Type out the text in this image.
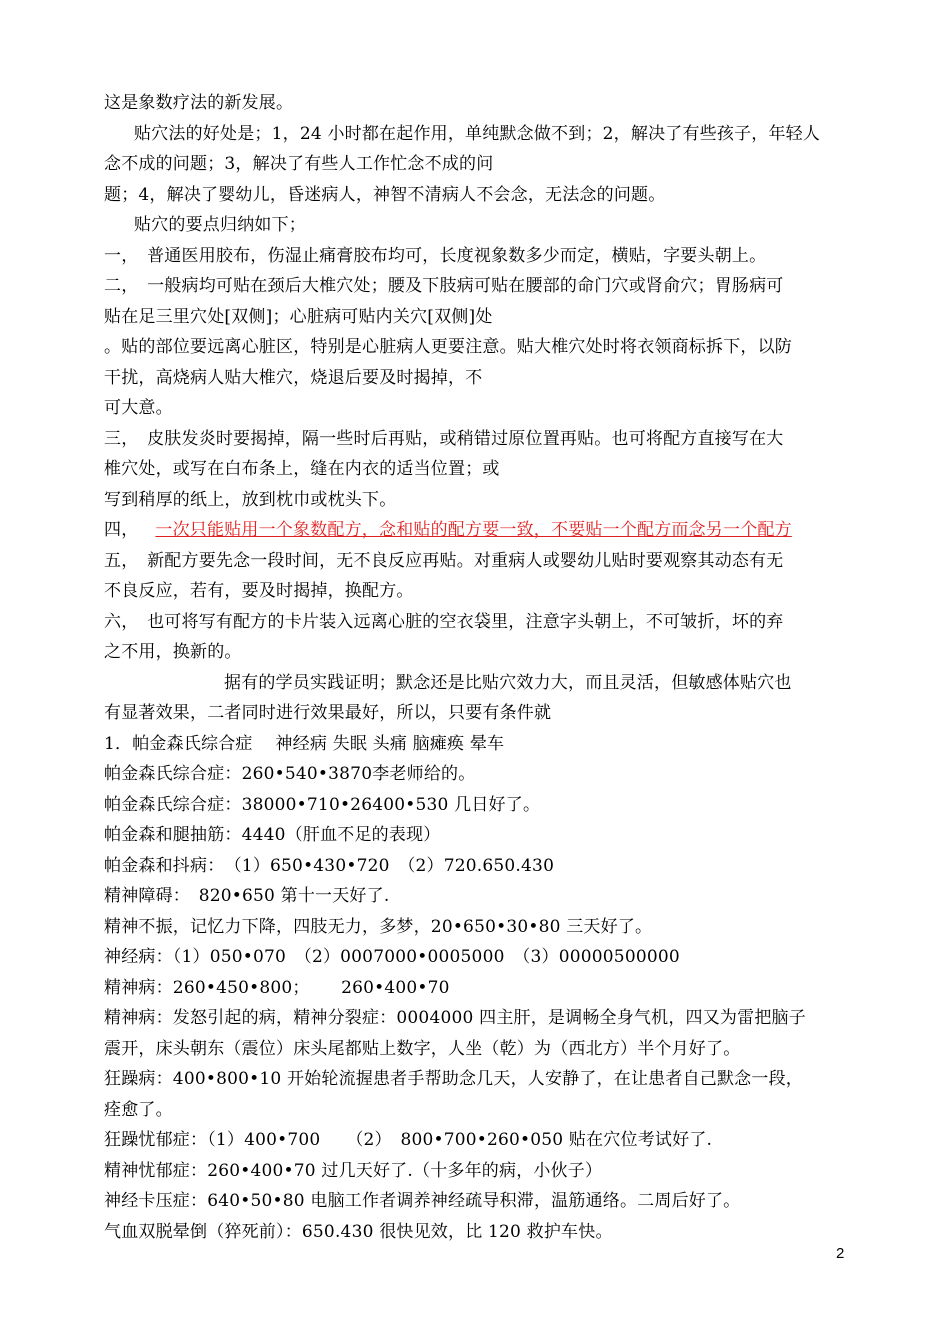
这是象数疗法的新发展。
贴穴法的好处是；1，24 小时都在起作用，单纯默念做不到；2，解决了有些孩子，年轻人
念不成的问题；3，解决了有些人工作忙念不成的问
题；4，解决了婴幼儿，昏迷病人，神智不清病人不会念，无法念的问题。
贴穴的要点归纳如下；
一，　普通医用胶布，伤湿止痛膏胶布均可，长度视象数多少而定，横贴，字要头朝上。
二，　一般病均可贴在颈后大椎穴处；腰及下肢病可贴在腰部的命门穴或肾俞穴；胃肠病可
贴在足三里穴处[双侧]；心脏病可贴内关穴[双侧]处
。贴的部位要远离心脏区，特别是心脏病人更要注意。贴大椎穴处时将衣领商标拆下，以防
干扰，高烧病人贴大椎穴，烧退后要及时揭掉，不
可大意。
三，　皮肤发炎时要揭掉，隔一些时后再贴，或稍错过原位置再贴。也可将配方直接写在大
椎穴处，或写在白布条上，缝在内衣的适当位置；或
写到稍厚的纸上，放到枕巾或枕头下。
四， 一次只能贴用一个象数配方，念和贴的配方要一致，不要贴一个配方而念另一个配方
五，　新配方要先念一段时间，无不良反应再贴。对重病人或婴幼儿贴时要观察其动态有无
不良反应，若有，要及时揭掉，换配方。
六，　也可将写有配方的卡片装入远离心脏的空衣袋里，注意字头朝上，不可皱折，坏的弃
之不用，换新的。
据有的学员实践证明；默念还是比贴穴效力大，而且灵活，但敏感体贴穴也
有显著效果，二者同时进行效果最好，所以，只要有条件就
1．帕金森氏综合症　 神经病 失眠 头痛 脑瘫痪 晕车
帕金森氏综合症：260•540•3870李老师给的。
帕金森氏综合症：38000•710•26400•530 几日好了。
帕金森和腿抽筋：4440（肝血不足的表现）
帕金森和抖病：　（1）650•430•720　（2）720.650.430
精神障碍：　820•650 第十一天好了.
精神不振，记忆力下降，四肢无力，多梦，20•650•30•80 三天好了。
神经病：（1）050•070　（2）0007000•0005000　（3）00000500000
精神病：260•450•800；　　 260•400•70
精神病：发怒引起的病，精神分裂症：0004000 四主肝，是调畅全身气机，四又为雷把脑子
震开，床头朝东（震位）床头尾都贴上数字，人坐（乾）为（西北方）半个月好了。
狂躁病：400•800•10 开始轮流握患者手帮助念几天，人安静了，在让患者自己默念一段，
痊愈了。
狂躁忧郁症：（1）400•700　　（2）　800•700•260•050 贴在穴位考试好了.
精神忧郁症：260•400•70 过几天好了.（十多年的病，小伙子）
神经卡压症：640•50•80 电脑工作者调养神经疏导积滞，温筋通络。二周后好了。
气血双脱晕倒（猝死前）：650.430 很快见效，比 120 救护车快。
2
